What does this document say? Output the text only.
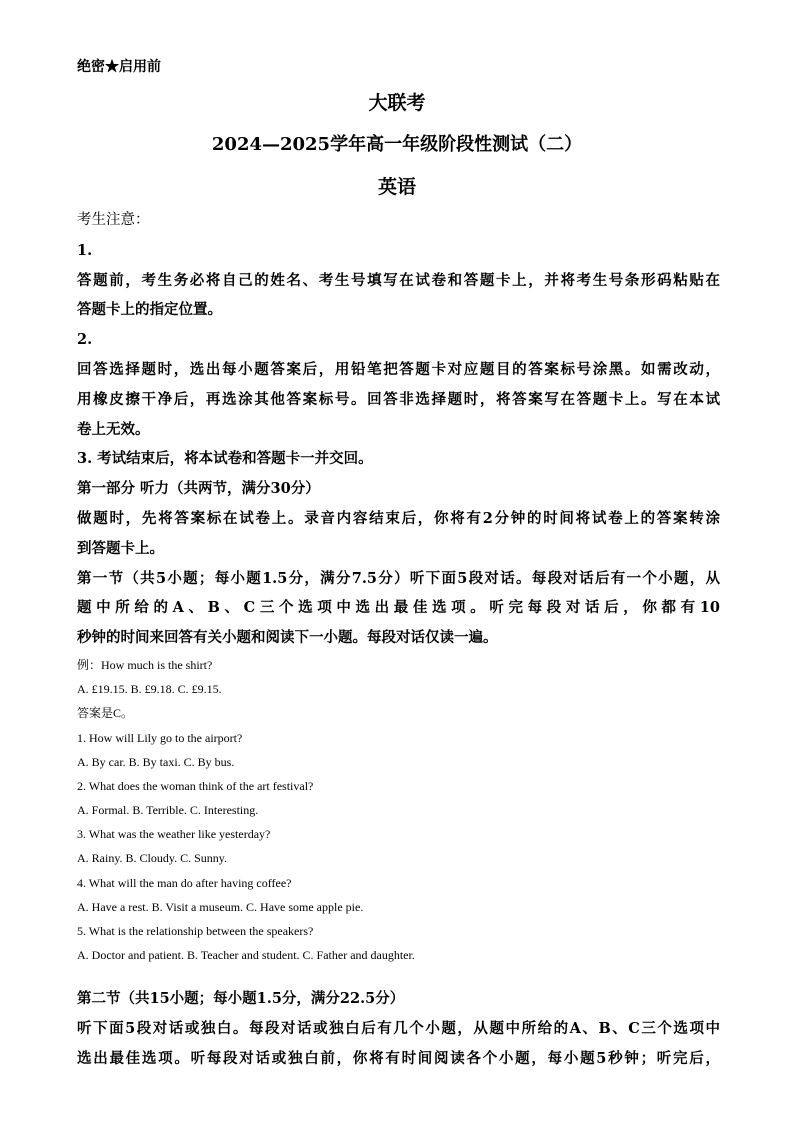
绝密★启用前
大联考
2024—2025学年高一年级阶段性测试（二）
英语
考生注意：
1.
答题前，考生务必将自己的姓名、考生号填写在试卷和答题卡上，并将考生号条形码粘贴在
答题卡上的指定位置。
2.
回答选择题时，选出每小题答案后，用铅笔把答题卡对应题目的答案标号涂黑。如需改动，
用橡皮擦干净后，再选涂其他答案标号。回答非选择题时，将答案写在答题卡上。写在本试
卷上无效。
3. 考试结束后，将本试卷和答题卡一并交回。
第一部分 听力（共两节，满分30分）
做题时，先将答案标在试卷上。录音内容结束后，你将有2分钟的时间将试卷上的答案转涂
到答题卡上。
第一节（共5小题；每小题1.5分，满分7.5分）听下面5段对话。每段对话后有一个小题，从
题中所给的A、B、C三个选项中选出最佳选项。听完每段对话后，你都有10
秒钟的时间来回答有关小题和阅读下一小题。每段对话仅读一遍。
例：How much is the shirt?
A. £19.15. B. £9.18. C. £9.15.
答案是C。
1. How will Lily go to the airport?
A. By car. B. By taxi. C. By bus.
2. What does the woman think of the art festival?
A. Formal. B. Terrible. C. Interesting.
3. What was the weather like yesterday?
A. Rainy. B. Cloudy. C. Sunny.
4. What will the man do after having coffee?
A. Have a rest. B. Visit a museum. C. Have some apple pie.
5. What is the relationship between the speakers?
A. Doctor and patient. B. Teacher and student. C. Father and daughter.
第二节（共15小题；每小题1.5分，满分22.5分）
听下面5段对话或独白。每段对话或独白后有几个小题，从题中所给的A、B、C三个选项中
选出最佳选项。听每段对话或独白前，你将有时间阅读各个小题，每小题5秒钟；听完后，
